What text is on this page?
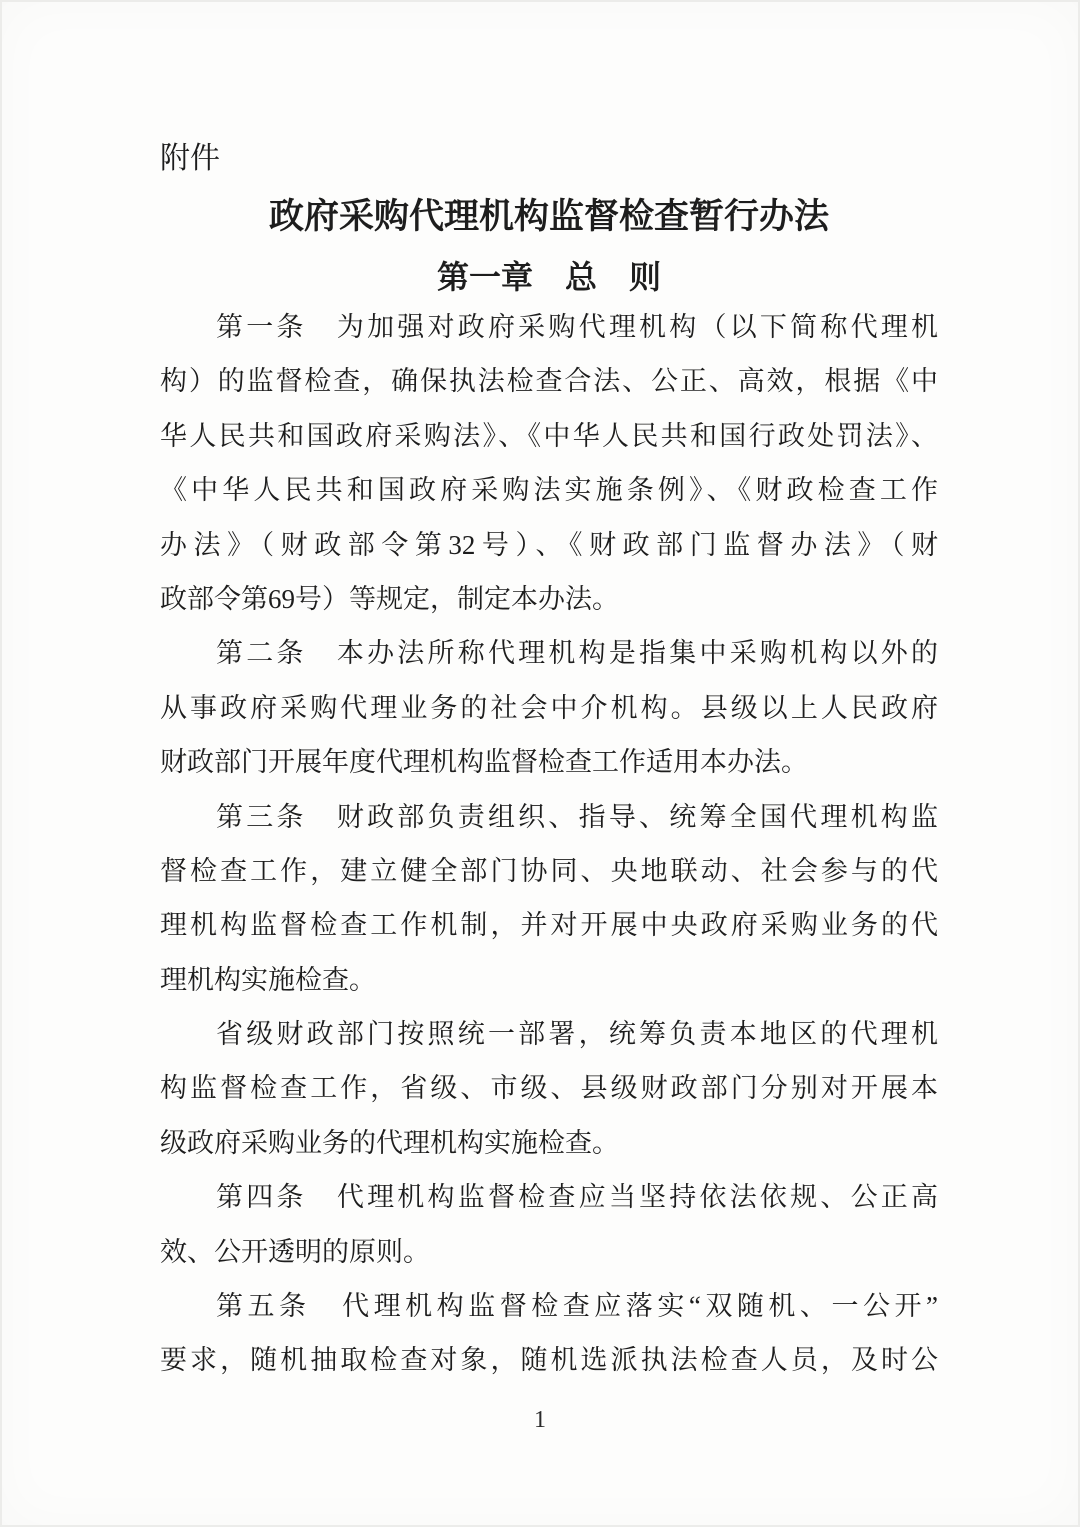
附件
政府采购代理机构监督检查暂行办法
第一章　总　则
第一条　为加强对政府采购代理机构（以下简称代理机
构）的监督检查，确保执法检查合法、公正、高效，根据《中
华人民共和国政府采购法》、《中华人民共和国行政处罚法》、
《中华人民共和国政府采购法实施条例》、《财政检查工作
办法》（财政部令第32号）、《财政部门监督办法》（财
政部令第69号）等规定，制定本办法。
第二条　本办法所称代理机构是指集中采购机构以外的
从事政府采购代理业务的社会中介机构。县级以上人民政府
财政部门开展年度代理机构监督检查工作适用本办法。
第三条　财政部负责组织、指导、统筹全国代理机构监
督检查工作，建立健全部门协同、央地联动、社会参与的代
理机构监督检查工作机制，并对开展中央政府采购业务的代
理机构实施检查。
省级财政部门按照统一部署，统筹负责本地区的代理机
构监督检查工作，省级、市级、县级财政部门分别对开展本
级政府采购业务的代理机构实施检查。
第四条　代理机构监督检查应当坚持依法依规、公正高
效、公开透明的原则。
第五条　代理机构监督检查应落实“双随机、一公开”
要求，随机抽取检查对象，随机选派执法检查人员，及时公
1
